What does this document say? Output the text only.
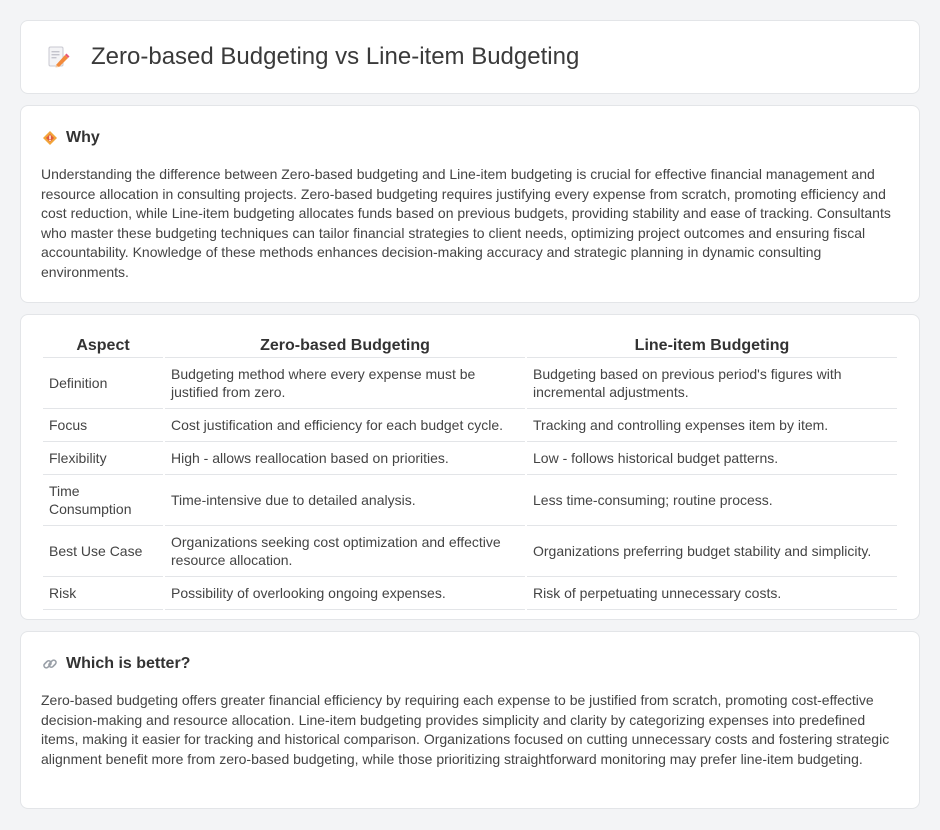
Zero-based Budgeting vs Line-item Budgeting
Why

Understanding the difference between Zero-based budgeting and Line-item budgeting is crucial for effective financial management and resource allocation in consulting projects. Zero-based budgeting requires justifying every expense from scratch, promoting efficiency and cost reduction, while Line-item budgeting allocates funds based on previous budgets, providing stability and ease of tracking. Consultants who master these budgeting techniques can tailor financial strategies to client needs, optimizing project outcomes and ensuring fiscal accountability. Knowledge of these methods enhances decision-making accuracy and strategic planning in dynamic consulting environments.

Aspect	Zero-based Budgeting	Line-item Budgeting
Definition	Budgeting method where every expense must be justified from zero.	Budgeting based on previous period's figures with incremental adjustments.
Focus	Cost justification and efficiency for each budget cycle.	Tracking and controlling expenses item by item.
Flexibility	High - allows reallocation based on priorities.	Low - follows historical budget patterns.
Time Consumption	Time-intensive due to detailed analysis.	Less time-consuming; routine process.
Best Use Case	Organizations seeking cost optimization and effective resource allocation.	Organizations preferring budget stability and simplicity.
Risk	Possibility of overlooking ongoing expenses.	Risk of perpetuating unnecessary costs.
Which is better?

Zero-based budgeting offers greater financial efficiency by requiring each expense to be justified from scratch, promoting cost-effective decision-making and resource allocation. Line-item budgeting provides simplicity and clarity by categorizing expenses into predefined items, making it easier for tracking and historical comparison. Organizations focused on cutting unnecessary costs and fostering strategic alignment benefit more from zero-based budgeting, while those prioritizing straightforward monitoring may prefer line-item budgeting.
